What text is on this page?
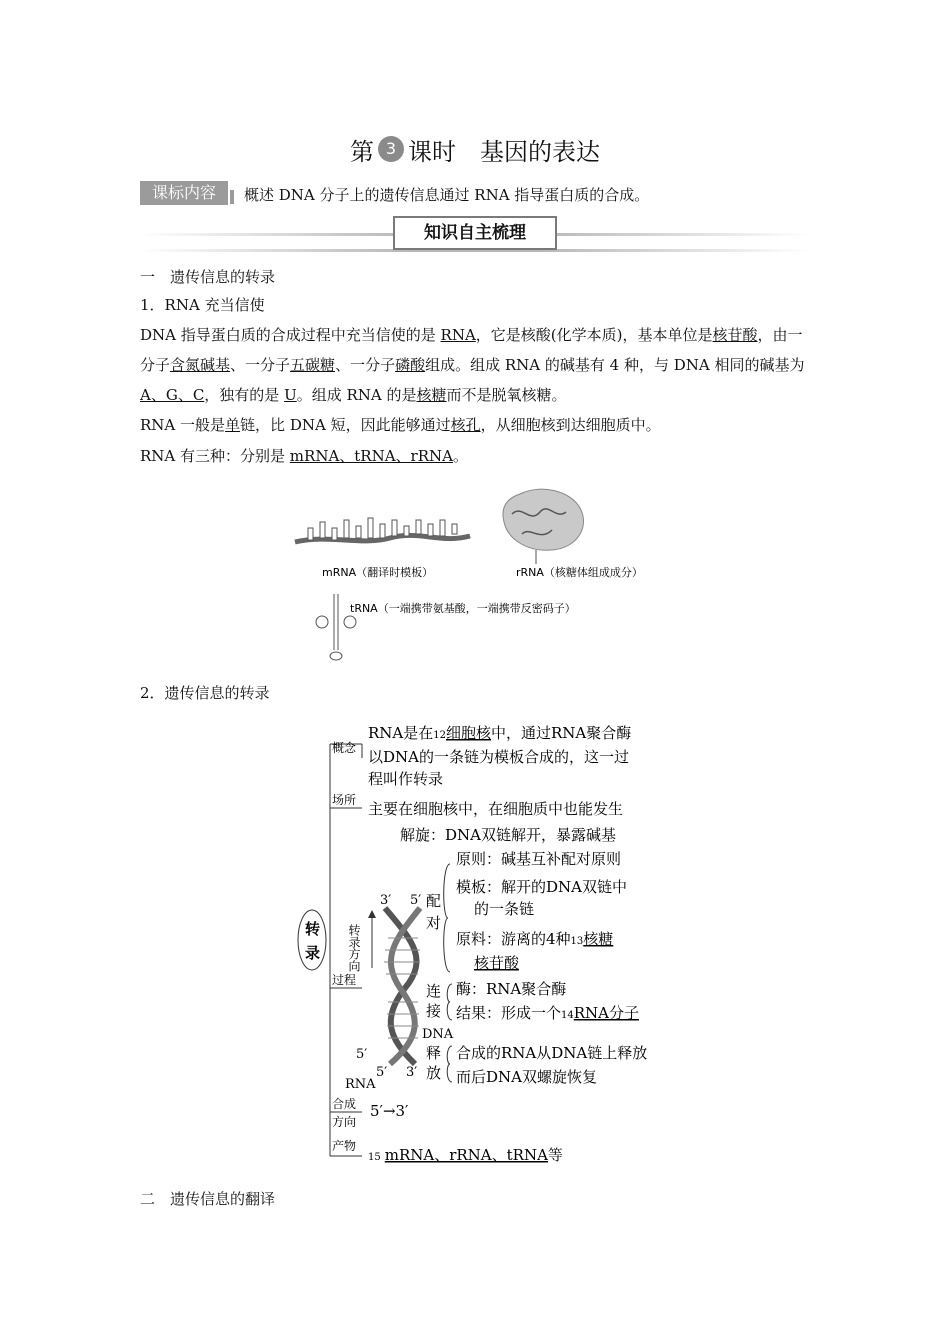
第 3 课时 基因的表达
课标内容	概述 DNA 分子上的遗传信息通过 RNA 指导蛋白质的合成。
知识自主梳理
一　遗传信息的转录
1．RNA 充当信使
DNA 指导蛋白质的合成过程中充当信使的是 RNA，它是核酸(化学本质)，基本单位是核苷酸，由一分子含氮碱基、一分子五碳糖、一分子磷酸组成。组成 RNA 的碱基有 4 种，与 DNA 相同的碱基为A、G、C，独有的是 U。组成 RNA 的是核糖而不是脱氧核糖。
RNA 一般是单链，比 DNA 短，因此能够通过核孔，从细胞核到达细胞质中。
RNA 有三种：分别是 mRNA、tRNA、rRNA。
mRNA（翻译时模板）	rRNA（核糖体组成成分）
tRNA（一端携带氨基酸，一端携带反密码子）
2．遗传信息的转录
转
录
概念
RNA是在12细胞核中，通过RNA聚合酶
以DNA的一条链为模板合成的，这一过
程叫作转录
场所 主要在细胞核中，在细胞质中也能发生
解旋：DNA双链解开，暴露碱基
3′ 5′
5′
5′ 3′
RNA
DNA
转录方向
过程
配
对
原则：碱基互补配对原则
模板：解开的DNA双链中
的一条链
原料：游离的4种13核糖
核苷酸
连
接
酶：RNA聚合酶
结果：形成一个14RNA分子
释
放
合成的RNA从DNA链上释放
而后DNA双螺旋恢复
合成
方向
5′→3′
产物
15 mRNA、rRNA、tRNA等
二　遗传信息的翻译
